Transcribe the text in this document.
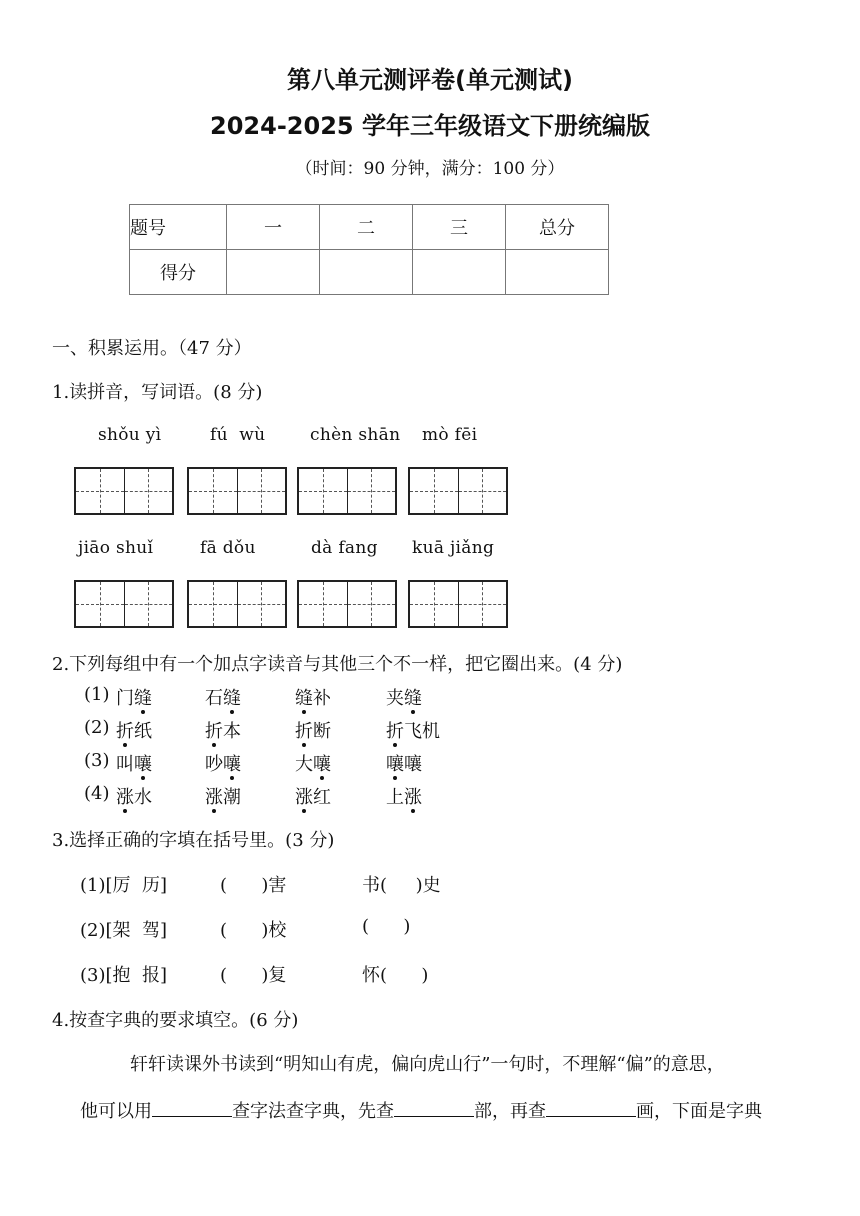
第八单元测评卷(单元测试)
2024-2025 学年三年级语文下册统编版
（时间：90 分钟，满分：100 分）
题号	一	二	三	总分
得分				
一、积累运用。（47 分）
1.读拼音，写词语。(8 分)
shǒu yì	fú  wù	chèn shān mò fēi
jiāo shuǐ	fā dǒu	dà fang kuā jiǎng
2.下列每组中有一个加点字读音与其他三个不一样，把它圈出来。(4 分)
(1) 门缝	石缝	缝补	夹缝
(2) 折纸	折本	折断	折飞机
(3) 叫嚷	吵嚷	大嚷	嚷嚷
(4) 涨水	涨潮	涨红	上涨
3.选择正确的字填在括号里。(3 分)
(1)[厉  历]	(      )害	书(     )史
(2)[架  驾]	(      )校	(      )
(3)[抱  报]	(      )复	怀(      )
4.按查字典的要求填空。(6 分)
轩轩读课外书读到“明知山有虎，偏向虎山行”一句时，不理解“偏”的意思，
他可以用	查字法查字典，先查	部，再查	画，下面是字典
